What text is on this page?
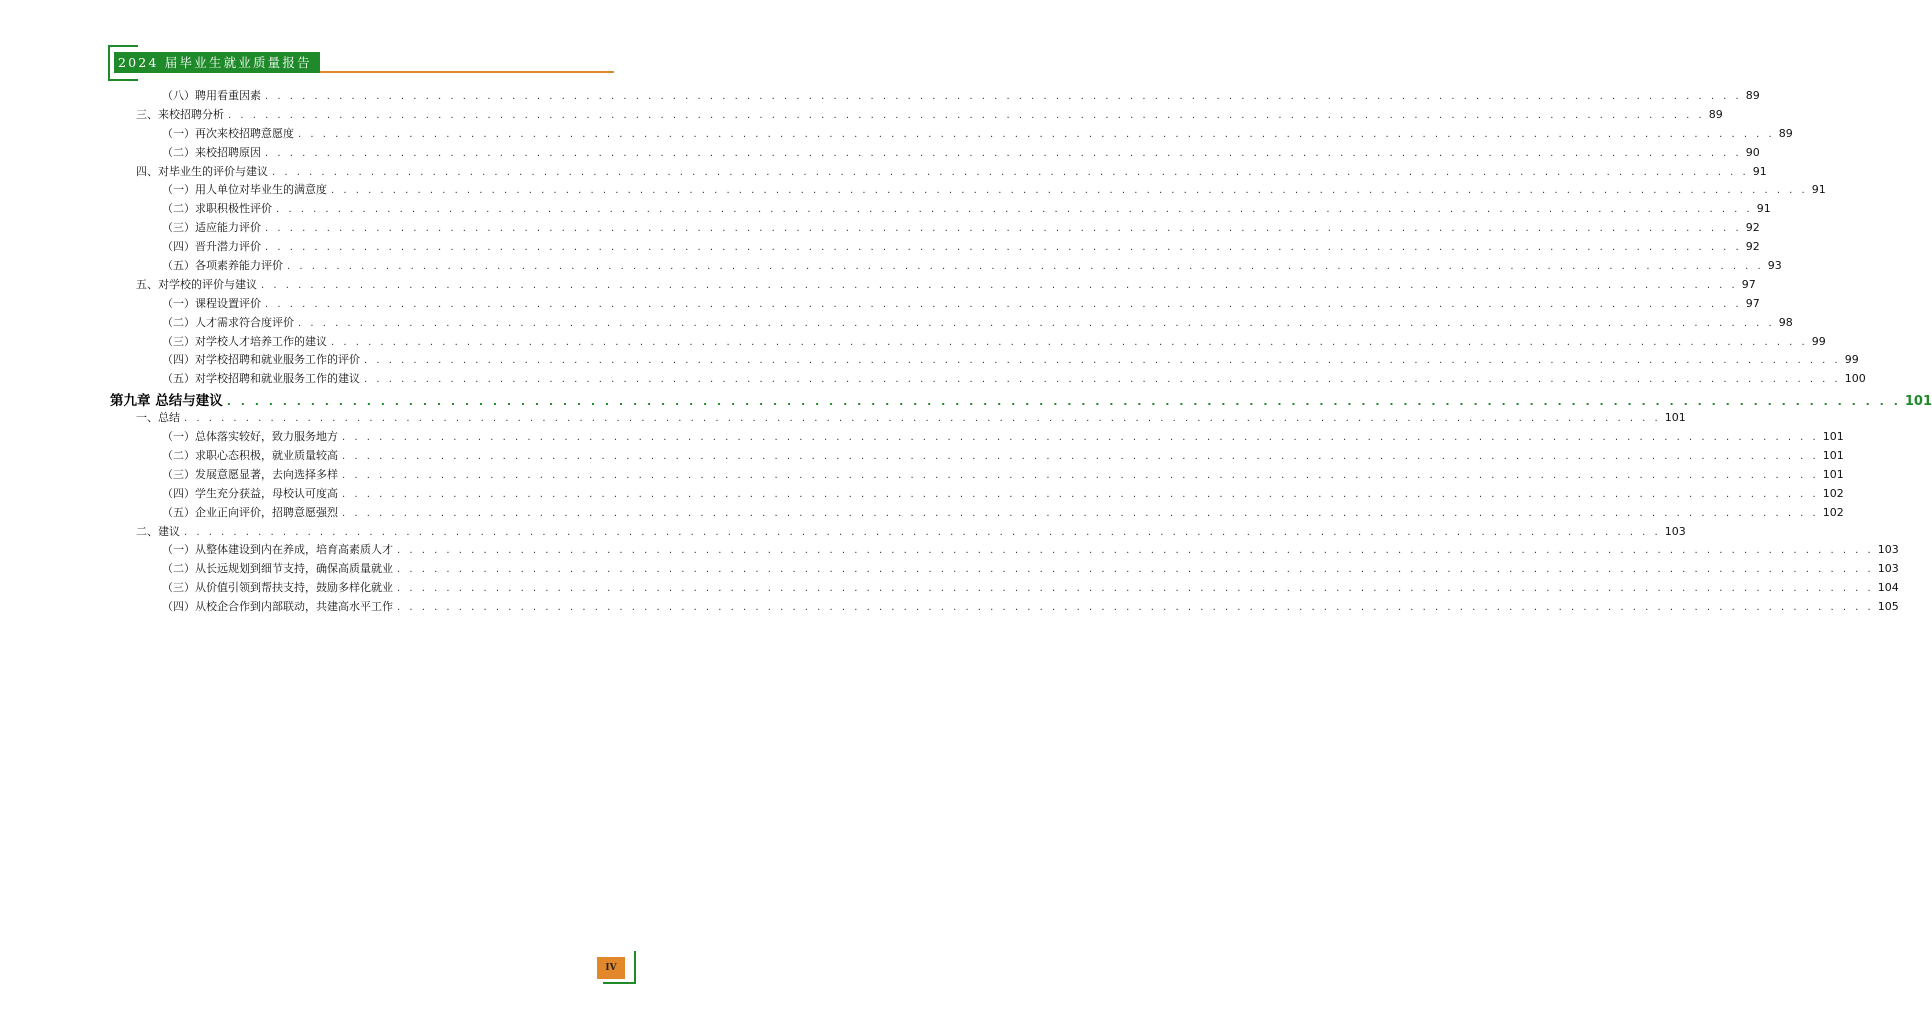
2024 届毕业生就业质量报告
（八）聘用看重因素 . . . . . . . . . . . . . . . . . . . . . . . . . . . . . . . . . . . . . . . . . . . . . . . . . . . . . . . . . . . . . . . . . . . . . . . . . . . . . . . . . . . . . . . . . . . . . . . . . . . . . . . . . . . . . . . . . . . . . . . . 89
三、来校招聘分析 . . . . . . . . . . . . . . . . . . . . . . . . . . . . . . . . . . . . . . . . . . . . . . . . . . . . . . . . . . . . . . . . . . . . . . . . . . . . . . . . . . . . . . . . . . . . . . . . . . . . . . . . . . . . . . . . . . . . . . . . 89
（一）再次来校招聘意愿度 . . . . . . . . . . . . . . . . . . . . . . . . . . . . . . . . . . . . . . . . . . . . . . . . . . . . . . . . . . . . . . . . . . . . . . . . . . . . . . . . . . . . . . . . . . . . . . . . . . . . . . . . . . . . . . . . . . . . . . . . 89
（二）来校招聘原因 . . . . . . . . . . . . . . . . . . . . . . . . . . . . . . . . . . . . . . . . . . . . . . . . . . . . . . . . . . . . . . . . . . . . . . . . . . . . . . . . . . . . . . . . . . . . . . . . . . . . . . . . . . . . . . . . . . . . . . . . 90
四、对毕业生的评价与建议 . . . . . . . . . . . . . . . . . . . . . . . . . . . . . . . . . . . . . . . . . . . . . . . . . . . . . . . . . . . . . . . . . . . . . . . . . . . . . . . . . . . . . . . . . . . . . . . . . . . . . . . . . . . . . . . . . . . . . . . . 91
（一）用人单位对毕业生的满意度 . . . . . . . . . . . . . . . . . . . . . . . . . . . . . . . . . . . . . . . . . . . . . . . . . . . . . . . . . . . . . . . . . . . . . . . . . . . . . . . . . . . . . . . . . . . . . . . . . . . . . . . . . . . . . . . . . . . . . . . . 91
（二）求职积极性评价 . . . . . . . . . . . . . . . . . . . . . . . . . . . . . . . . . . . . . . . . . . . . . . . . . . . . . . . . . . . . . . . . . . . . . . . . . . . . . . . . . . . . . . . . . . . . . . . . . . . . . . . . . . . . . . . . . . . . . . . . 91
（三）适应能力评价 . . . . . . . . . . . . . . . . . . . . . . . . . . . . . . . . . . . . . . . . . . . . . . . . . . . . . . . . . . . . . . . . . . . . . . . . . . . . . . . . . . . . . . . . . . . . . . . . . . . . . . . . . . . . . . . . . . . . . . . . 92
（四）晋升潜力评价 . . . . . . . . . . . . . . . . . . . . . . . . . . . . . . . . . . . . . . . . . . . . . . . . . . . . . . . . . . . . . . . . . . . . . . . . . . . . . . . . . . . . . . . . . . . . . . . . . . . . . . . . . . . . . . . . . . . . . . . . 92
（五）各项素养能力评价 . . . . . . . . . . . . . . . . . . . . . . . . . . . . . . . . . . . . . . . . . . . . . . . . . . . . . . . . . . . . . . . . . . . . . . . . . . . . . . . . . . . . . . . . . . . . . . . . . . . . . . . . . . . . . . . . . . . . . . . . 93
五、对学校的评价与建议 . . . . . . . . . . . . . . . . . . . . . . . . . . . . . . . . . . . . . . . . . . . . . . . . . . . . . . . . . . . . . . . . . . . . . . . . . . . . . . . . . . . . . . . . . . . . . . . . . . . . . . . . . . . . . . . . . . . . . . . . 97
（一）课程设置评价 . . . . . . . . . . . . . . . . . . . . . . . . . . . . . . . . . . . . . . . . . . . . . . . . . . . . . . . . . . . . . . . . . . . . . . . . . . . . . . . . . . . . . . . . . . . . . . . . . . . . . . . . . . . . . . . . . . . . . . . . 97
（二）人才需求符合度评价 . . . . . . . . . . . . . . . . . . . . . . . . . . . . . . . . . . . . . . . . . . . . . . . . . . . . . . . . . . . . . . . . . . . . . . . . . . . . . . . . . . . . . . . . . . . . . . . . . . . . . . . . . . . . . . . . . . . . . . . . 98
（三）对学校人才培养工作的建议 . . . . . . . . . . . . . . . . . . . . . . . . . . . . . . . . . . . . . . . . . . . . . . . . . . . . . . . . . . . . . . . . . . . . . . . . . . . . . . . . . . . . . . . . . . . . . . . . . . . . . . . . . . . . . . . . . . . . . . . . 99
（四）对学校招聘和就业服务工作的评价 . . . . . . . . . . . . . . . . . . . . . . . . . . . . . . . . . . . . . . . . . . . . . . . . . . . . . . . . . . . . . . . . . . . . . . . . . . . . . . . . . . . . . . . . . . . . . . . . . . . . . . . . . . . . . . . . . . . . . . . . 99
（五）对学校招聘和就业服务工作的建议 . . . . . . . . . . . . . . . . . . . . . . . . . . . . . . . . . . . . . . . . . . . . . . . . . . . . . . . . . . . . . . . . . . . . . . . . . . . . . . . . . . . . . . . . . . . . . . . . . . . . . . . . . . . . . . . . . . . . . . . . 100
第九章 总结与建议 . . . . . . . . . . . . . . . . . . . . . . . . . . . . . . . . . . . . . . . . . . . . . . . . . . . . . . . . . . . . . . . . . . . . . . . . . . . . . . . . . . . . . . . . . . . . . . . . . . . . . . . . . . . . . . . . . . . . . . . . 101
一、总结 . . . . . . . . . . . . . . . . . . . . . . . . . . . . . . . . . . . . . . . . . . . . . . . . . . . . . . . . . . . . . . . . . . . . . . . . . . . . . . . . . . . . . . . . . . . . . . . . . . . . . . . . . . . . . . . . . . . . . . . . 101
（一）总体落实较好，致力服务地方 . . . . . . . . . . . . . . . . . . . . . . . . . . . . . . . . . . . . . . . . . . . . . . . . . . . . . . . . . . . . . . . . . . . . . . . . . . . . . . . . . . . . . . . . . . . . . . . . . . . . . . . . . . . . . . . . . . . . . . . . 101
（二）求职心态积极，就业质量较高 . . . . . . . . . . . . . . . . . . . . . . . . . . . . . . . . . . . . . . . . . . . . . . . . . . . . . . . . . . . . . . . . . . . . . . . . . . . . . . . . . . . . . . . . . . . . . . . . . . . . . . . . . . . . . . . . . . . . . . . . 101
（三）发展意愿显著，去向选择多样 . . . . . . . . . . . . . . . . . . . . . . . . . . . . . . . . . . . . . . . . . . . . . . . . . . . . . . . . . . . . . . . . . . . . . . . . . . . . . . . . . . . . . . . . . . . . . . . . . . . . . . . . . . . . . . . . . . . . . . . . 101
（四）学生充分获益，母校认可度高 . . . . . . . . . . . . . . . . . . . . . . . . . . . . . . . . . . . . . . . . . . . . . . . . . . . . . . . . . . . . . . . . . . . . . . . . . . . . . . . . . . . . . . . . . . . . . . . . . . . . . . . . . . . . . . . . . . . . . . . . 102
（五）企业正向评价，招聘意愿强烈 . . . . . . . . . . . . . . . . . . . . . . . . . . . . . . . . . . . . . . . . . . . . . . . . . . . . . . . . . . . . . . . . . . . . . . . . . . . . . . . . . . . . . . . . . . . . . . . . . . . . . . . . . . . . . . . . . . . . . . . . 102
二、建议 . . . . . . . . . . . . . . . . . . . . . . . . . . . . . . . . . . . . . . . . . . . . . . . . . . . . . . . . . . . . . . . . . . . . . . . . . . . . . . . . . . . . . . . . . . . . . . . . . . . . . . . . . . . . . . . . . . . . . . . . 103
（一）从整体建设到内在养成，培育高素质人才 . . . . . . . . . . . . . . . . . . . . . . . . . . . . . . . . . . . . . . . . . . . . . . . . . . . . . . . . . . . . . . . . . . . . . . . . . . . . . . . . . . . . . . . . . . . . . . . . . . . . . . . . . . . . . . . . . . . . . . . . 103
（二）从长远规划到细节支持，确保高质量就业 . . . . . . . . . . . . . . . . . . . . . . . . . . . . . . . . . . . . . . . . . . . . . . . . . . . . . . . . . . . . . . . . . . . . . . . . . . . . . . . . . . . . . . . . . . . . . . . . . . . . . . . . . . . . . . . . . . . . . . . . 103
（三）从价值引领到帮扶支持，鼓励多样化就业 . . . . . . . . . . . . . . . . . . . . . . . . . . . . . . . . . . . . . . . . . . . . . . . . . . . . . . . . . . . . . . . . . . . . . . . . . . . . . . . . . . . . . . . . . . . . . . . . . . . . . . . . . . . . . . . . . . . . . . . . 104
（四）从校企合作到内部联动，共建高水平工作 . . . . . . . . . . . . . . . . . . . . . . . . . . . . . . . . . . . . . . . . . . . . . . . . . . . . . . . . . . . . . . . . . . . . . . . . . . . . . . . . . . . . . . . . . . . . . . . . . . . . . . . . . . . . . . . . . . . . . . . . 105
IV
